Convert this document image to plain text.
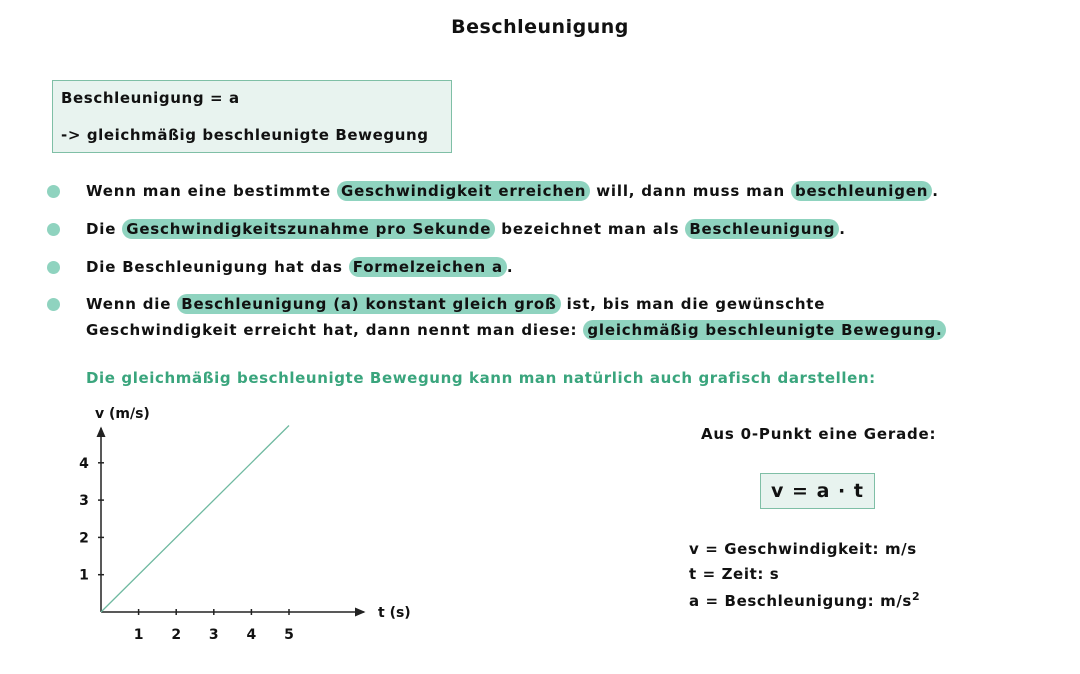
Beschleunigung
Beschleunigung = a
-> gleichmäßig beschleunigte Bewegung
Wenn man eine bestimmte Geschwindigkeit erreichen will, dann muss man beschleunigen .
Die Geschwindigkeitszunahme pro Sekunde bezeichnet man als Beschleunigung .
Die Beschleunigung hat das Formelzeichen a .
Wenn die Beschleunigung (a) konstant gleich groß ist, bis man die gewünschte
Geschwindigkeit erreicht hat, dann nennt man diese: gleichmäßig beschleunigte Bewegung.
Die gleichmäßig beschleunigte Bewegung kann man natürlich auch grafisch darstellen:
v (m/s)
t (s)
1 2 3 4 5
1
2
3
4
Aus 0-Punkt eine Gerade:
v = a · t
v = Geschwindigkeit: m/s
t = Zeit: s
a = Beschleunigung: $m/s^2$
